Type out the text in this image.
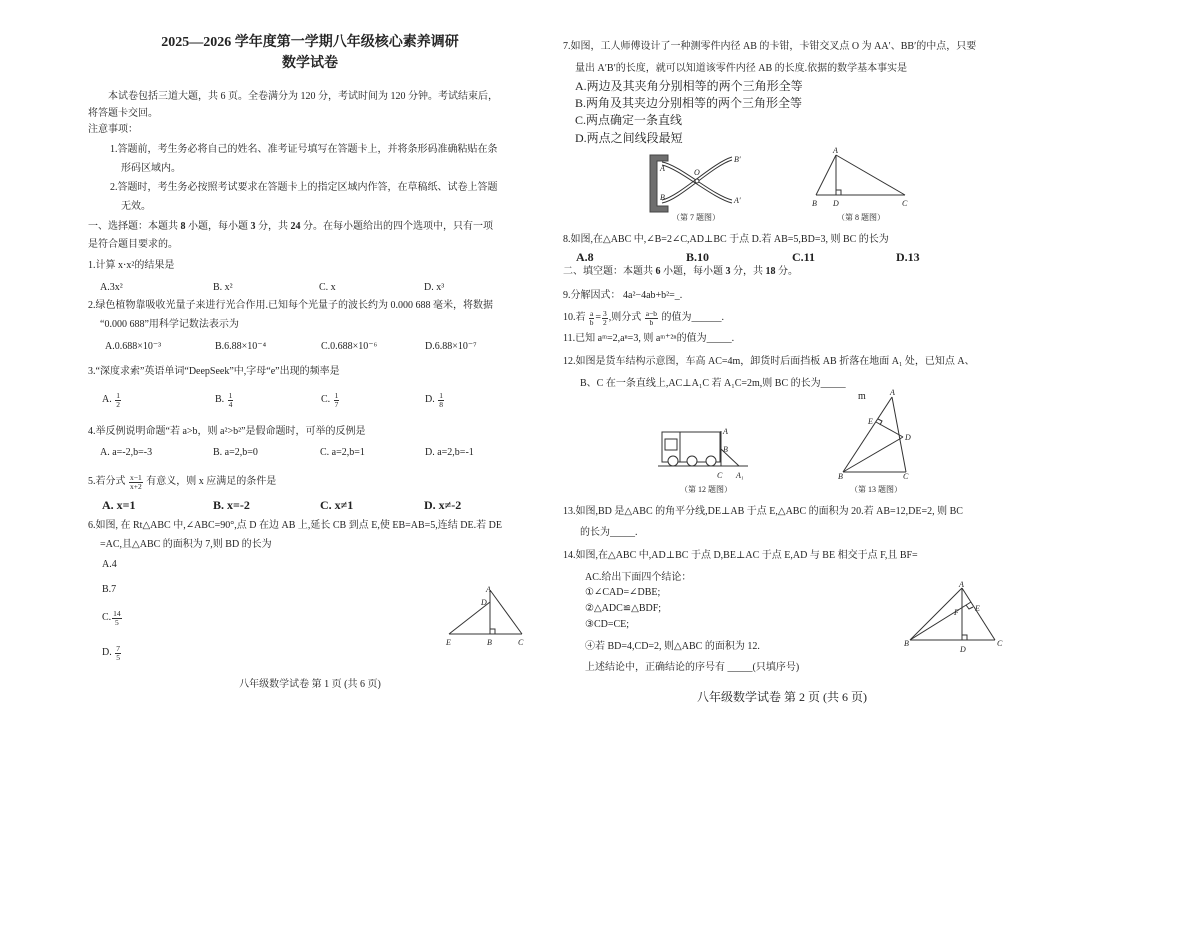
A
D
E	B	C
A
B
O
B′
A′
A
B D	C
A
B
C A₁
A
E
D
B	C
A
F E
B
D
C
2025—2026 学年度第一学期八年级核心素养调研
数学试卷
本试卷包括三道大题，共 6 页。全卷满分为 120 分，考试时间为 120 分钟。考试结束后，
将答题卡交回。
注意事项：
1.答题前，考生务必将自己的姓名、准考证号填写在答题卡上，并将条形码准确粘贴在条
形码区域内。
2.答题时，考生务必按照考试要求在答题卡上的指定区域内作答，在草稿纸、试卷上答题
无效。
一、选择题：本题共 8 小题，每小题 3 分，共 24 分。在每小题给出的四个选项中，只有一项
是符合题目要求的。
1.计算 x·x²的结果是
A.3x²	B. x²	C. x	D. x³
2.绿色植物靠吸收光量子来进行光合作用.已知每个光量子的波长约为 0.000 688 毫米，将数据
“0.000 688”用科学记数法表示为
A.0.688×10⁻³	B.6.88×10⁻⁴	C.0.688×10⁻⁶	D.6.88×10⁻⁷
3.“深度求索”英语单词“DeepSeek”中,字母“e”出现的频率是
A. $\frac{1}{2}$	B. $\frac{1}{4}$	C. $\frac{1}{7}$	D. $\frac{1}{8}$
4.举反例说明命题“若 a>b，则 a²>b²”是假命题时，可举的反例是
A. a=-2,b=-3	B. a=2,b=0	C. a=2,b=1	D. a=2,b=-1
5.若分式 $\frac{x-1}{x+2}$ 有意义，则 x 应满足的条件是
A. x=1	B. x=-2	C. x≠1	D. x≠-2
6.如图, 在 Rt△ABC 中,∠ABC=90°,点 D 在边 AB 上,延长 CB 到点 E,使 EB=AB=5,连结 DE.若 DE
=AC,且△ABC 的面积为 7,则 BD 的长为
A.4
B.7
C. $\frac{14}{5}$
D. $\frac{7}{5}$
八年级数学试卷 第 1 页 (共 6 页)
7.如图，工人师傅设计了一种测零件内径 AB 的卡钳，卡钳交叉点 O 为 AA′、BB′的中点，只要
量出 A′B′的长度，就可以知道该零件内径 AB 的长度.依据的数学基本事实是
A.两边及其夹角分别相等的两个三角形全等
B.两角及其夹边分别相等的两个三角形全等
C.两点确定一条直线
D.两点之间线段最短
（第 7 题图）	（第 8 题图）
8.如图,在△ABC 中,∠B=2∠C,AD⊥BC 于点 D.若 AB=5,BD=3, 则 BC 的长为
A.8	B.10	C.11	D.13
二、填空题：本题共 6 小题，每小题 3 分，共 18 分。
9.分解因式： 4a²−4ab+b²=_.
10.若 $\frac{a}{b} = \frac{3}{2}$ ,则分式 $\frac{a-b}{b}$ 的值为______.
11.已知 aᵐ=2,aⁿ=3, 则 aᵐ⁺²ⁿ的值为_____.
12.如图是货车结构示意图，车高 AC=4m，卸货时后面挡板 AB 折落在地面 A₁ 处，已知点 A、
B、C 在一条直线上,AC⊥A₁C 若 A₁C=2m,则 BC 的长为_____
m
（第 12 题图）	（第 13 题图）
13.如图,BD 是△ABC 的角平分线,DE⊥AB 于点 E,△ABC 的面积为 20.若 AB=12,DE=2, 则 BC
的长为_____.
14.如图,在△ABC 中,AD⊥BC 于点 D,BE⊥AC 于点 E,AD 与 BE 相交于点 F,且 BF=
AC.给出下面四个结论：
①∠CAD=∠DBE;
②△ADC≌△BDF;
③CD=CE;
④若 BD=4,CD=2, 则△ABC 的面积为 12.
上述结论中，正确结论的序号有 _____(只填序号)
八年级数学试卷 第 2 页 (共 6 页)
